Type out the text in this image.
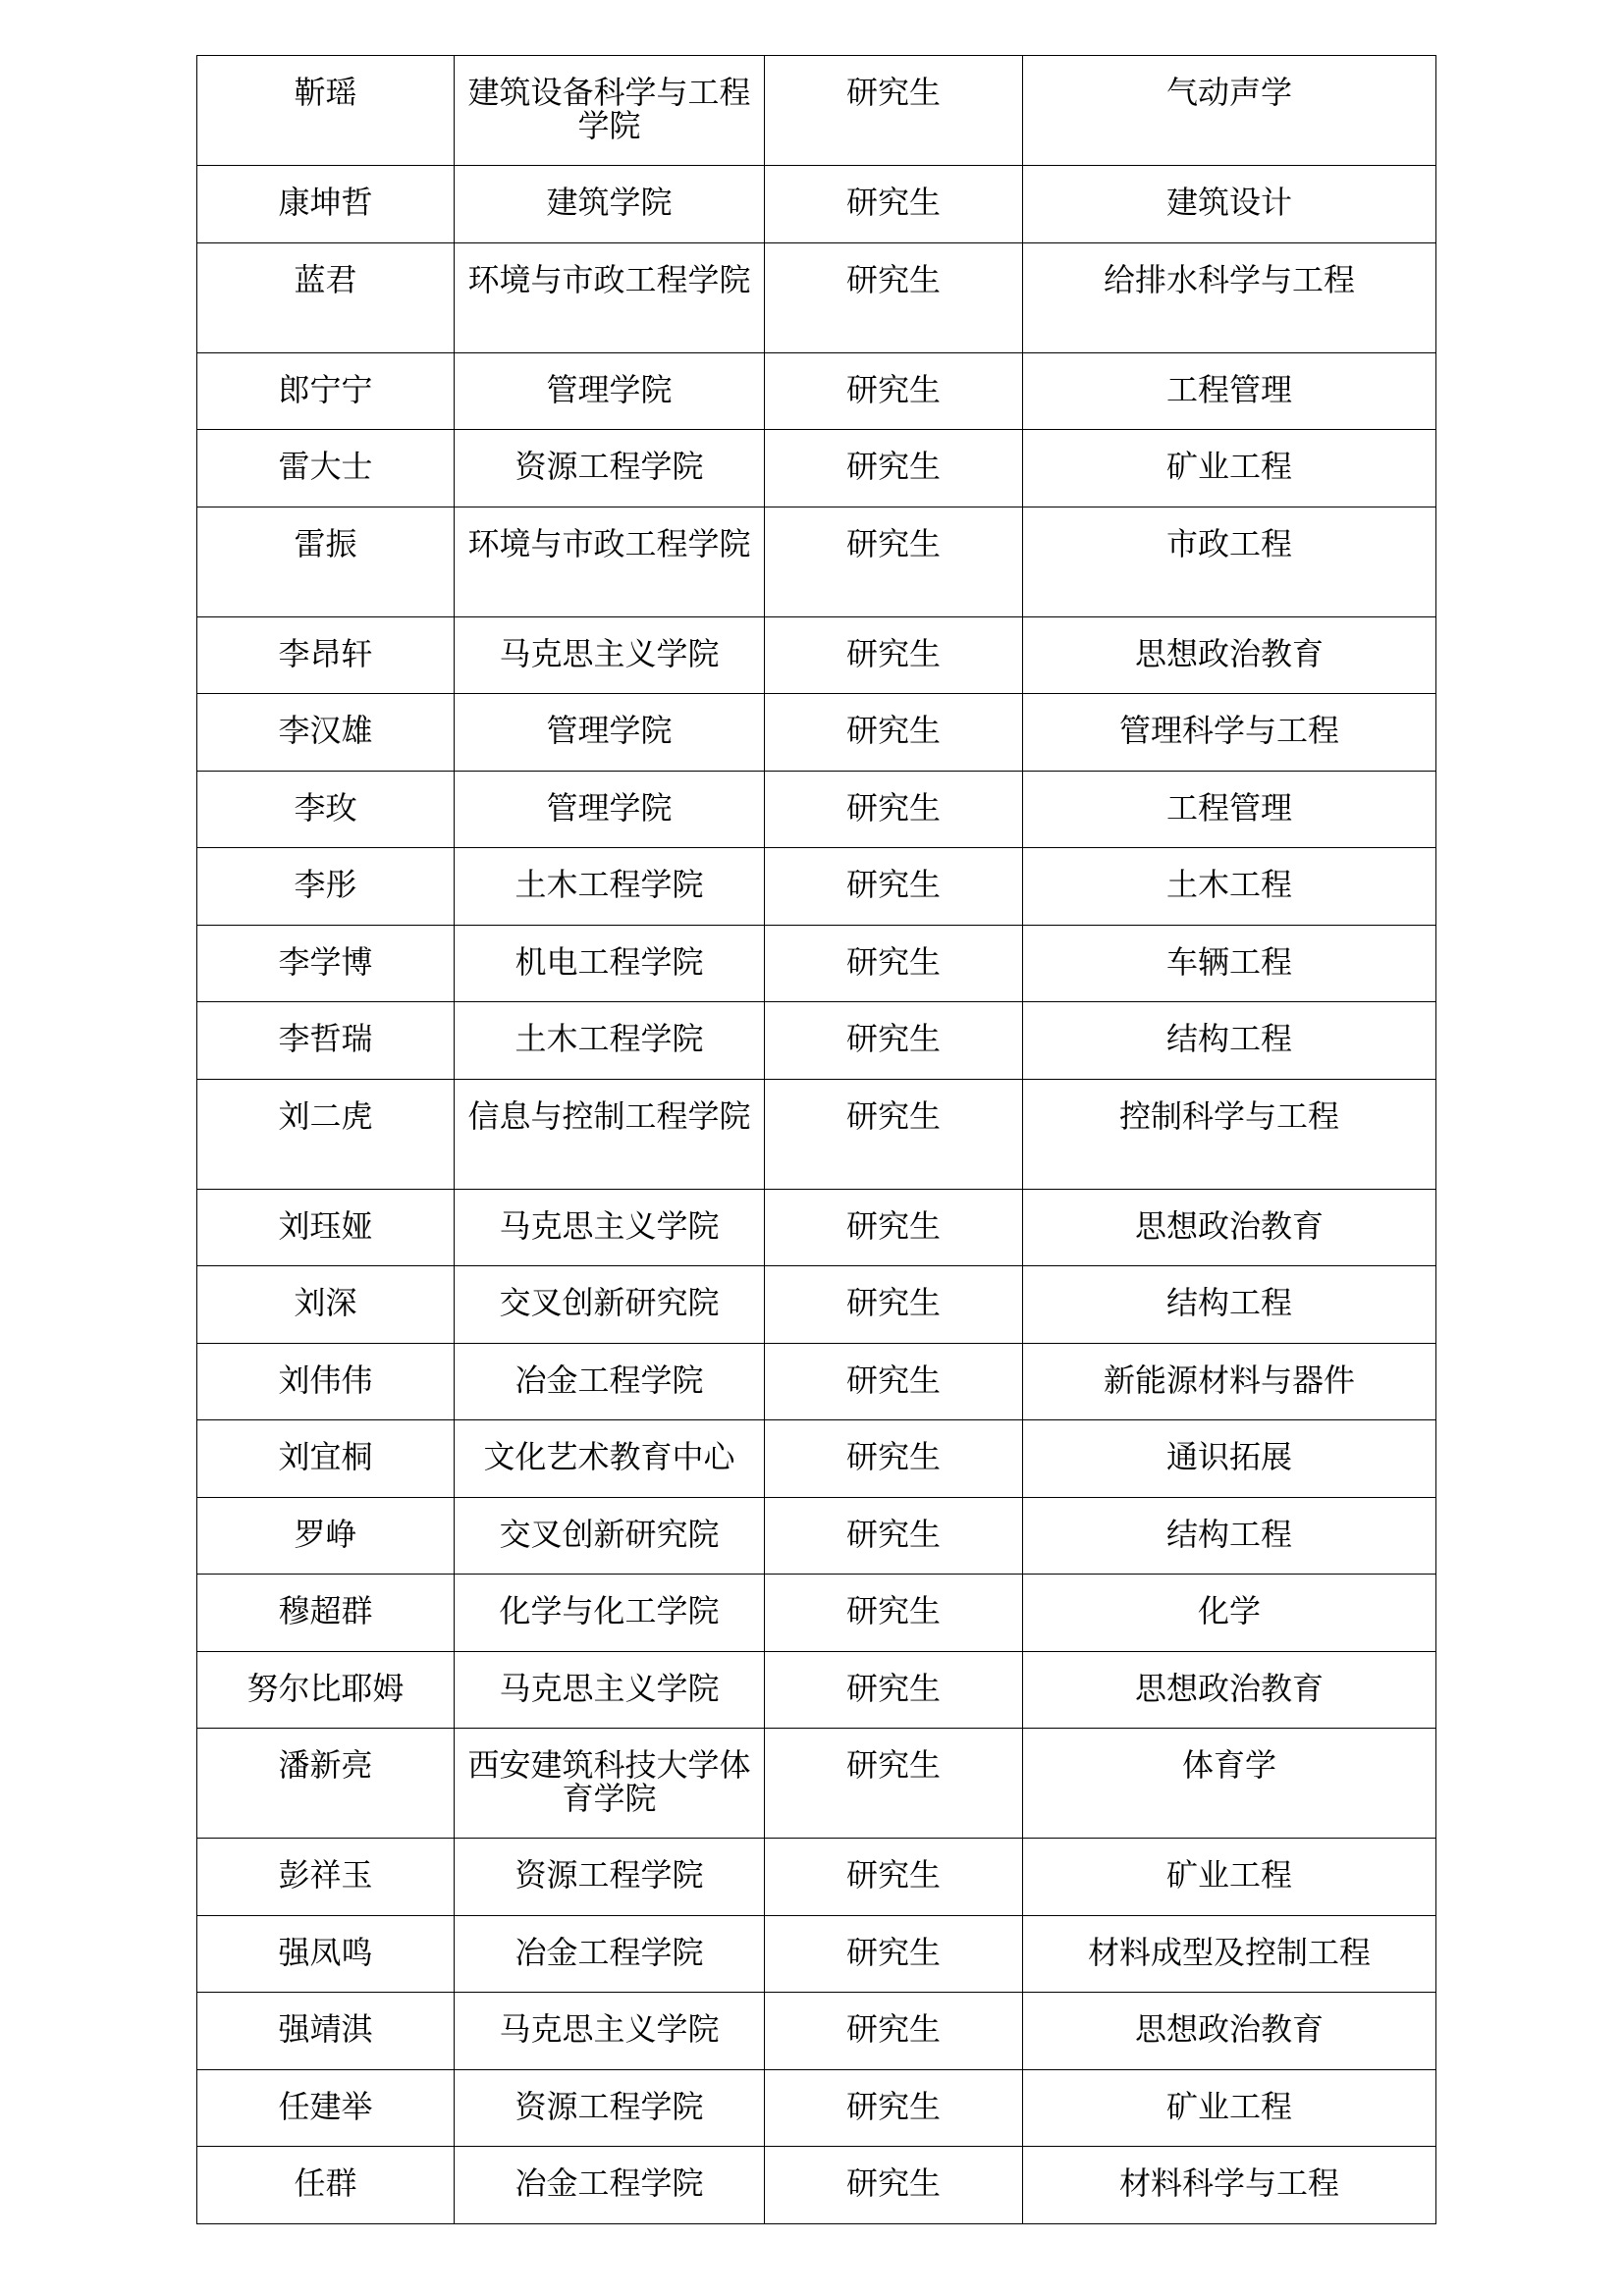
靳瑶	建筑设备科学与工程学院	研究生	气动声学
康坤哲	建筑学院	研究生	建筑设计
蓝君	环境与市政工程学院	研究生	给排水科学与工程
郎宁宁	管理学院	研究生	工程管理
雷大士	资源工程学院	研究生	矿业工程
雷振	环境与市政工程学院	研究生	市政工程
李昂轩	马克思主义学院	研究生	思想政治教育
李汉雄	管理学院	研究生	管理科学与工程
李玫	管理学院	研究生	工程管理
李彤	土木工程学院	研究生	土木工程
李学博	机电工程学院	研究生	车辆工程
李哲瑞	土木工程学院	研究生	结构工程
刘二虎	信息与控制工程学院	研究生	控制科学与工程
刘珏娅	马克思主义学院	研究生	思想政治教育
刘深	交叉创新研究院	研究生	结构工程
刘伟伟	冶金工程学院	研究生	新能源材料与器件
刘宜桐	文化艺术教育中心	研究生	通识拓展
罗峥	交叉创新研究院	研究生	结构工程
穆超群	化学与化工学院	研究生	化学
努尔比耶姆	马克思主义学院	研究生	思想政治教育
潘新亮	西安建筑科技大学体育学院	研究生	体育学
彭祥玉	资源工程学院	研究生	矿业工程
强凤鸣	冶金工程学院	研究生	材料成型及控制工程
强靖淇	马克思主义学院	研究生	思想政治教育
任建举	资源工程学院	研究生	矿业工程
任群	冶金工程学院	研究生	材料科学与工程
